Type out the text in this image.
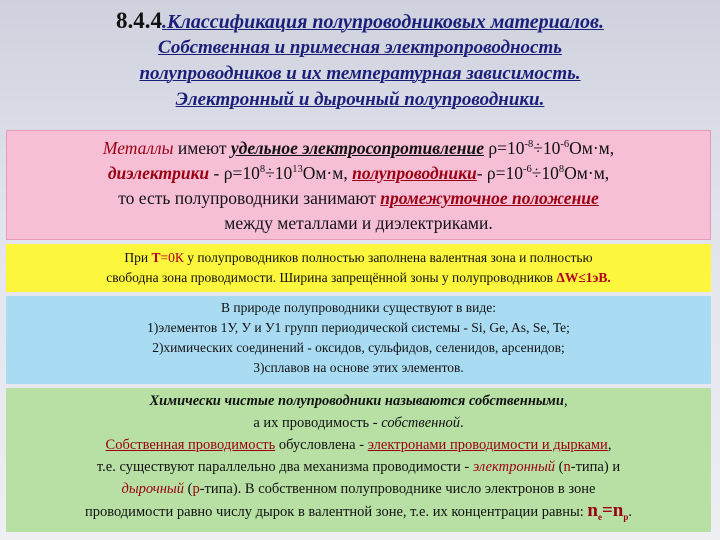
8.4.4.Классификация полупроводниковых материалов.
Собственная и примесная электропроводность
полупроводников и их температурная зависимость.
Электронный и дырочный полупроводники.
Металлы имеют удельное электросопротивление $\rho=10^{-8}\div 10^{-6}Ом\cdot м$,
диэлектрики - $\rho=10^8\div 10^{13}Ом\cdot м$, полупроводники- $\rho=10^{-6}\div 10^8Ом\cdot м$,
то есть полупроводники занимают промежуточное положение
между металлами и диэлектриками.
При Т=0К у полупроводников полностью заполнена валентная зона и полностью
свободна зона проводимости. Ширина запрещённой зоны у полупроводников ΔW≤1эВ.
В природе полупроводники существуют в виде:
1)элементов 1У, У и У1 групп периодической системы - Si, Ge, As, Se, Te;
2)химических соединений - оксидов, сульфидов, селенидов, арсенидов;
3)сплавов на основе этих элементов.
Химически чистые полупроводники называются собственными,
а их проводимость - собственной.
Собственная проводимость обусловлена - электронами проводимости и дырками,
т.е. существуют параллельно два механизма проводимости - электронный (n-типа) и
дырочный (p-типа). В собственном полупроводнике число электронов в зоне
проводимости равно числу дырок в валентной зоне, т.е. их концентрации равны: $n_e=n_p$.
